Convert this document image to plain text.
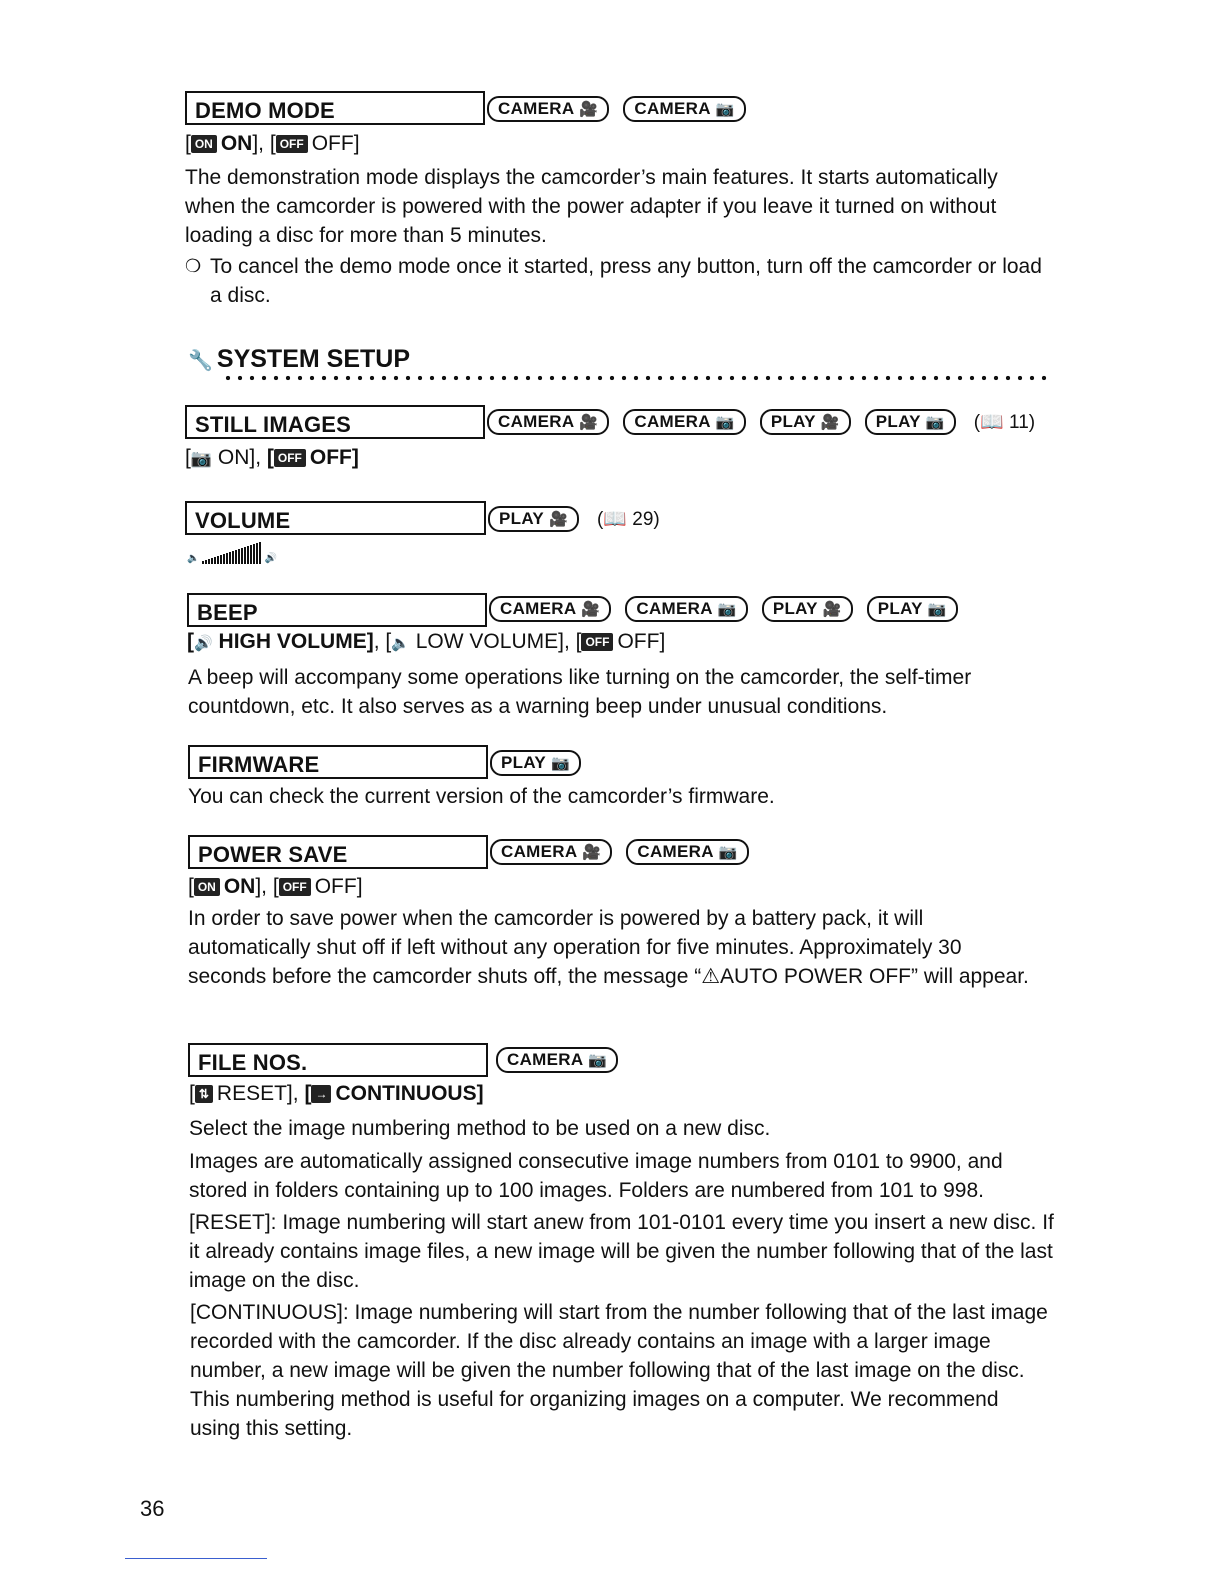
DEMO MODE	CAMERA 🎥 CAMERA 📷
[ ON ON], [ OFF OFF]
The demonstration mode displays the camcorder’s main features. It starts automatically when the camcorder is powered with the power adapter if you leave it turned on without loading a disc for more than 5 minutes.
❍ To cancel the demo mode once it started, press any button, turn off the camcorder or load a disc.
🔧 SYSTEM SETUP
STILL IMAGES	CAMERA 🎥 CAMERA 📷 PLAY 🎥 PLAY 📷 (📖 11)
[📷 ON], [ OFF OFF]
VOLUME	PLAY 🎥 (📖 29)
🔈	🔊
BEEP	CAMERA 🎥 CAMERA 📷 PLAY 🎥 PLAY 📷
[🔊 HIGH VOLUME], [🔈 LOW VOLUME], [ OFF OFF]
A beep will accompany some operations like turning on the camcorder, the self-timer countdown, etc. It also serves as a warning beep under unusual conditions.
FIRMWARE	PLAY 📷
You can check the current version of the camcorder’s firmware.
POWER SAVE	CAMERA 🎥 CAMERA 📷
[ ON ON], [ OFF OFF]
In order to save power when the camcorder is powered by a battery pack, it will automatically shut off if left without any operation for five minutes. Approximately 30 seconds before the camcorder shuts off, the message “⚠AUTO POWER OFF” will appear.
FILE NOS.	CAMERA 📷
[ ⇅ RESET], [ → CONTINUOUS]
Select the image numbering method to be used on a new disc.
Images are automatically assigned consecutive image numbers from 0101 to 9900, and stored in folders containing up to 100 images. Folders are numbered from 101 to 998.
[RESET]: Image numbering will start anew from 101-0101 every time you insert a new disc. If it already contains image files, a new image will be given the number following that of the last image on the disc.
[CONTINUOUS]: Image numbering will start from the number following that of the last image recorded with the camcorder. If the disc already contains an image with a larger image number, a new image will be given the number following that of the last image on the disc. This numbering method is useful for organizing images on a computer. We recommend using this setting.
36
